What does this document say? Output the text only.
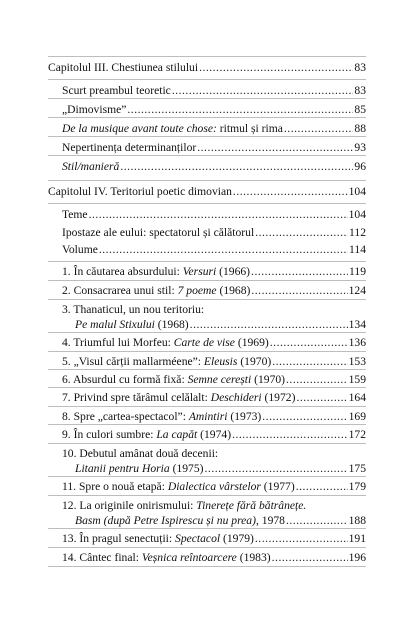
Capitolul III. Chestiunea stilului .....	83
Scurt preambul teoretic .....	83
„Dimovisme” .....	85
De la musique avant toute chose: ritmul și rima .....	88
Nepertinența determinanților .....	93
Stil/manieră .....	96
Capitolul IV. Teritoriul poetic dimovian .....	104
Teme .....	104
Ipostaze ale eului: spectatorul și călătorul .....	112
Volume .....	114
1. În căutarea absurdului: Versuri (1966) .....	119
2. Consacrarea unui stil: 7 poeme (1968) .....	124
3. Thanaticul, un nou teritoriu:
Pe malul Stixului (1968) .....	134
4. Triumful lui Morfeu: Carte de vise (1969) .....	136
5. „Visul cărții mallarméene”: Eleusis (1970) .....	153
6. Absurdul cu formă fixă: Semne cerești (1970) .....	159
7. Privind spre tărâmul celălalt: Deschideri (1972) .....	164
8. Spre „cartea-spectacol”: Amintiri (1973) .....	169
9. În culori sumbre: La capăt (1974) .....	172
10. Debutul amânat două decenii:
Litanii pentru Horia (1975) .....	175
11. Spre o nouă etapă: Dialectica vârstelor (1977) .....	179
12. La originile onirismului: Tinerețe fără bătrânețe.
Basm (după Petre Ispirescu și nu prea), 1978 .....	188
13. În pragul senectuții: Spectacol (1979) .....	191
14. Cântec final: Veșnica reîntoarcere (1983) .....	196
